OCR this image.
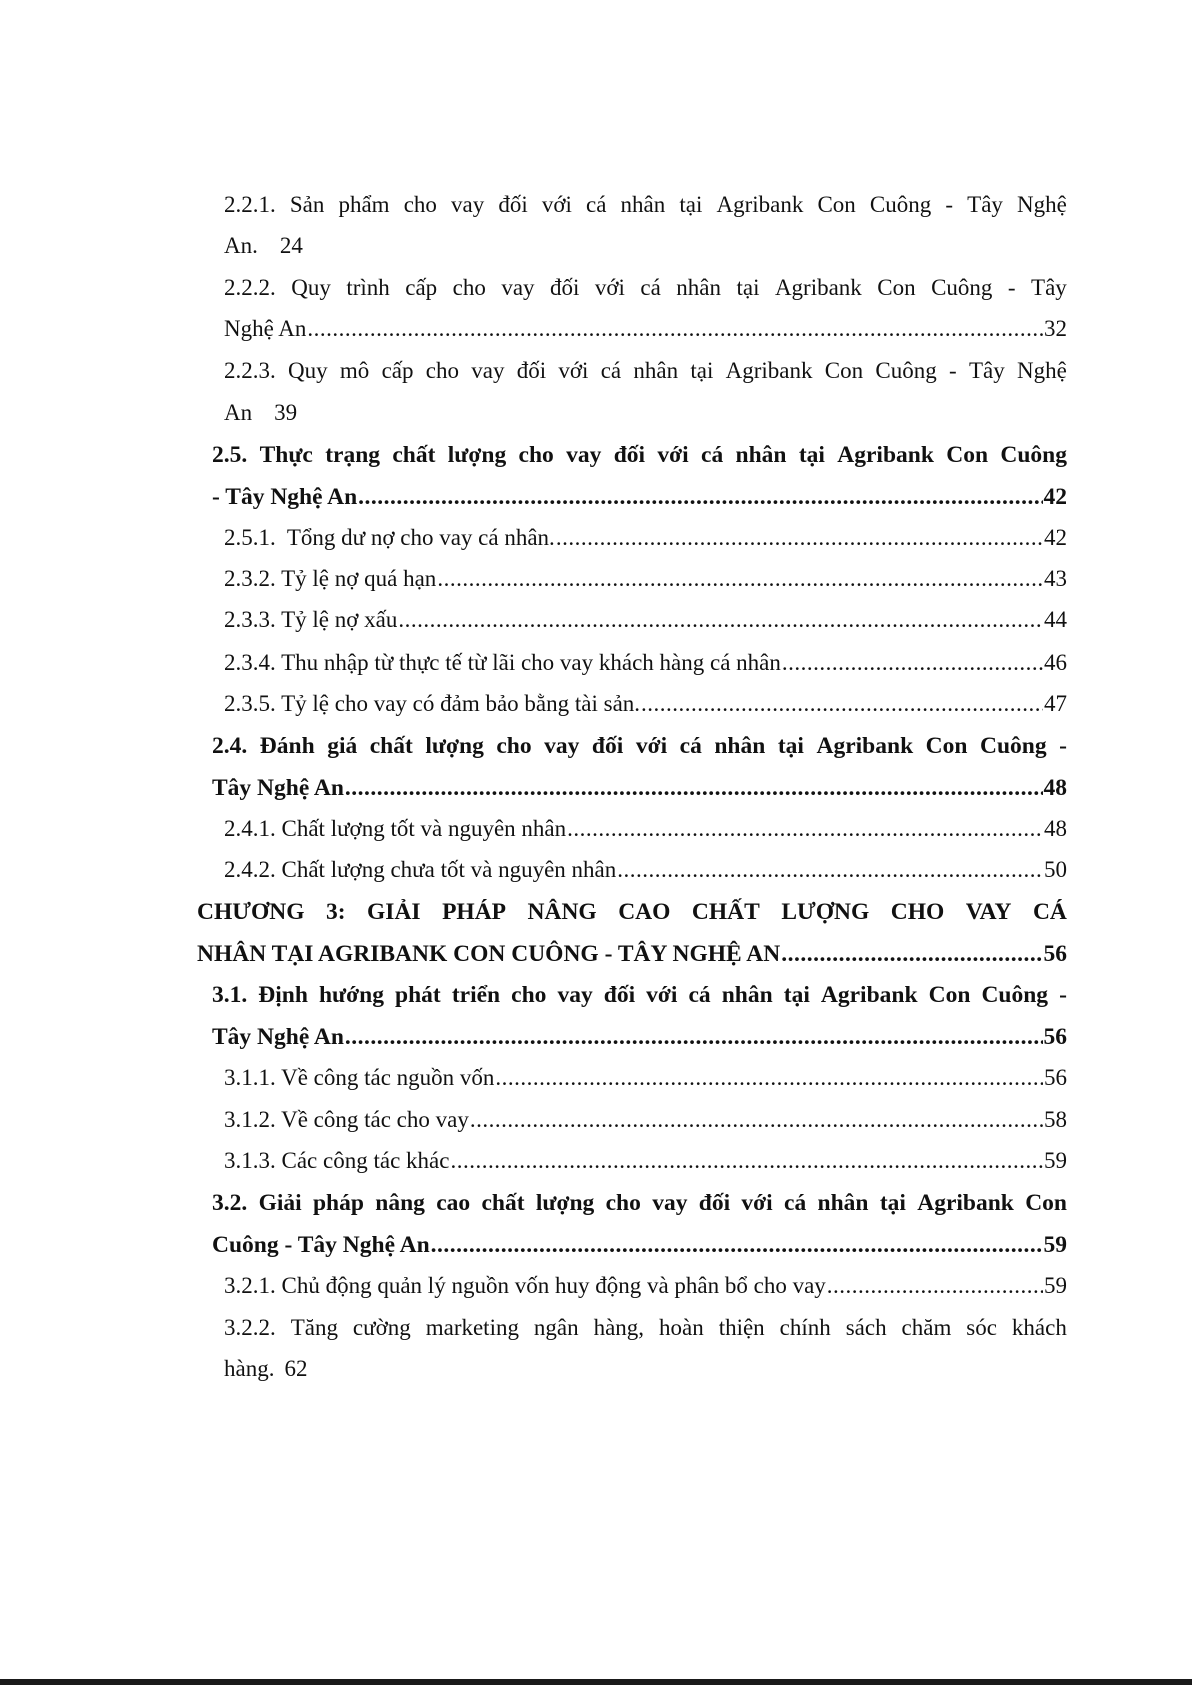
2.2.1. Sản phẩm cho vay đối với cá nhân tại Agribank Con Cuông - Tây Nghệ
An. 24
2.2.2. Quy trình cấp cho vay đối với cá nhân tại Agribank Con Cuông - Tây
Nghệ An .....	32
2.2.3. Quy mô cấp cho vay đối với cá nhân tại Agribank Con Cuông - Tây Nghệ
An 39
2.5. Thực trạng chất lượng cho vay đối với cá nhân tại Agribank Con Cuông
- Tây Nghệ An .....	42
2.5.1.  Tổng dư nợ cho vay cá nhân. .....	42
2.3.2. Tỷ lệ nợ quá hạn .....	43
2.3.3. Tỷ lệ nợ xấu .....	44
2.3.4. Thu nhập từ thực tế từ lãi cho vay khách hàng cá nhân .....	46
2.3.5. Tỷ lệ cho vay có đảm bảo bằng tài sản. .....	47
2.4. Đánh giá chất lượng cho vay đối với cá nhân tại Agribank Con Cuông -
Tây Nghệ An .....	48
2.4.1. Chất lượng tốt và nguyên nhân .....	48
2.4.2. Chất lượng chưa tốt và nguyên nhân .....	50
CHƯƠNG 3: GIẢI PHÁP NÂNG CAO CHẤT LƯỢNG CHO VAY CÁ
NHÂN TẠI AGRIBANK CON CUÔNG - TÂY NGHỆ AN .....	56
3.1. Định hướng phát triển cho vay đối với cá nhân tại Agribank Con Cuông -
Tây Nghệ An .....	56
3.1.1. Về công tác nguồn vốn .....	56
3.1.2. Về công tác cho vay .....	58
3.1.3. Các công tác khác .....	59
3.2. Giải pháp nâng cao chất lượng cho vay đối với cá nhân tại Agribank Con
Cuông - Tây Nghệ An .....	59
3.2.1. Chủ động quản lý nguồn vốn huy động và phân bổ cho vay .....	59
3.2.2. Tăng cường marketing ngân hàng, hoàn thiện chính sách chăm sóc khách
hàng. 62
